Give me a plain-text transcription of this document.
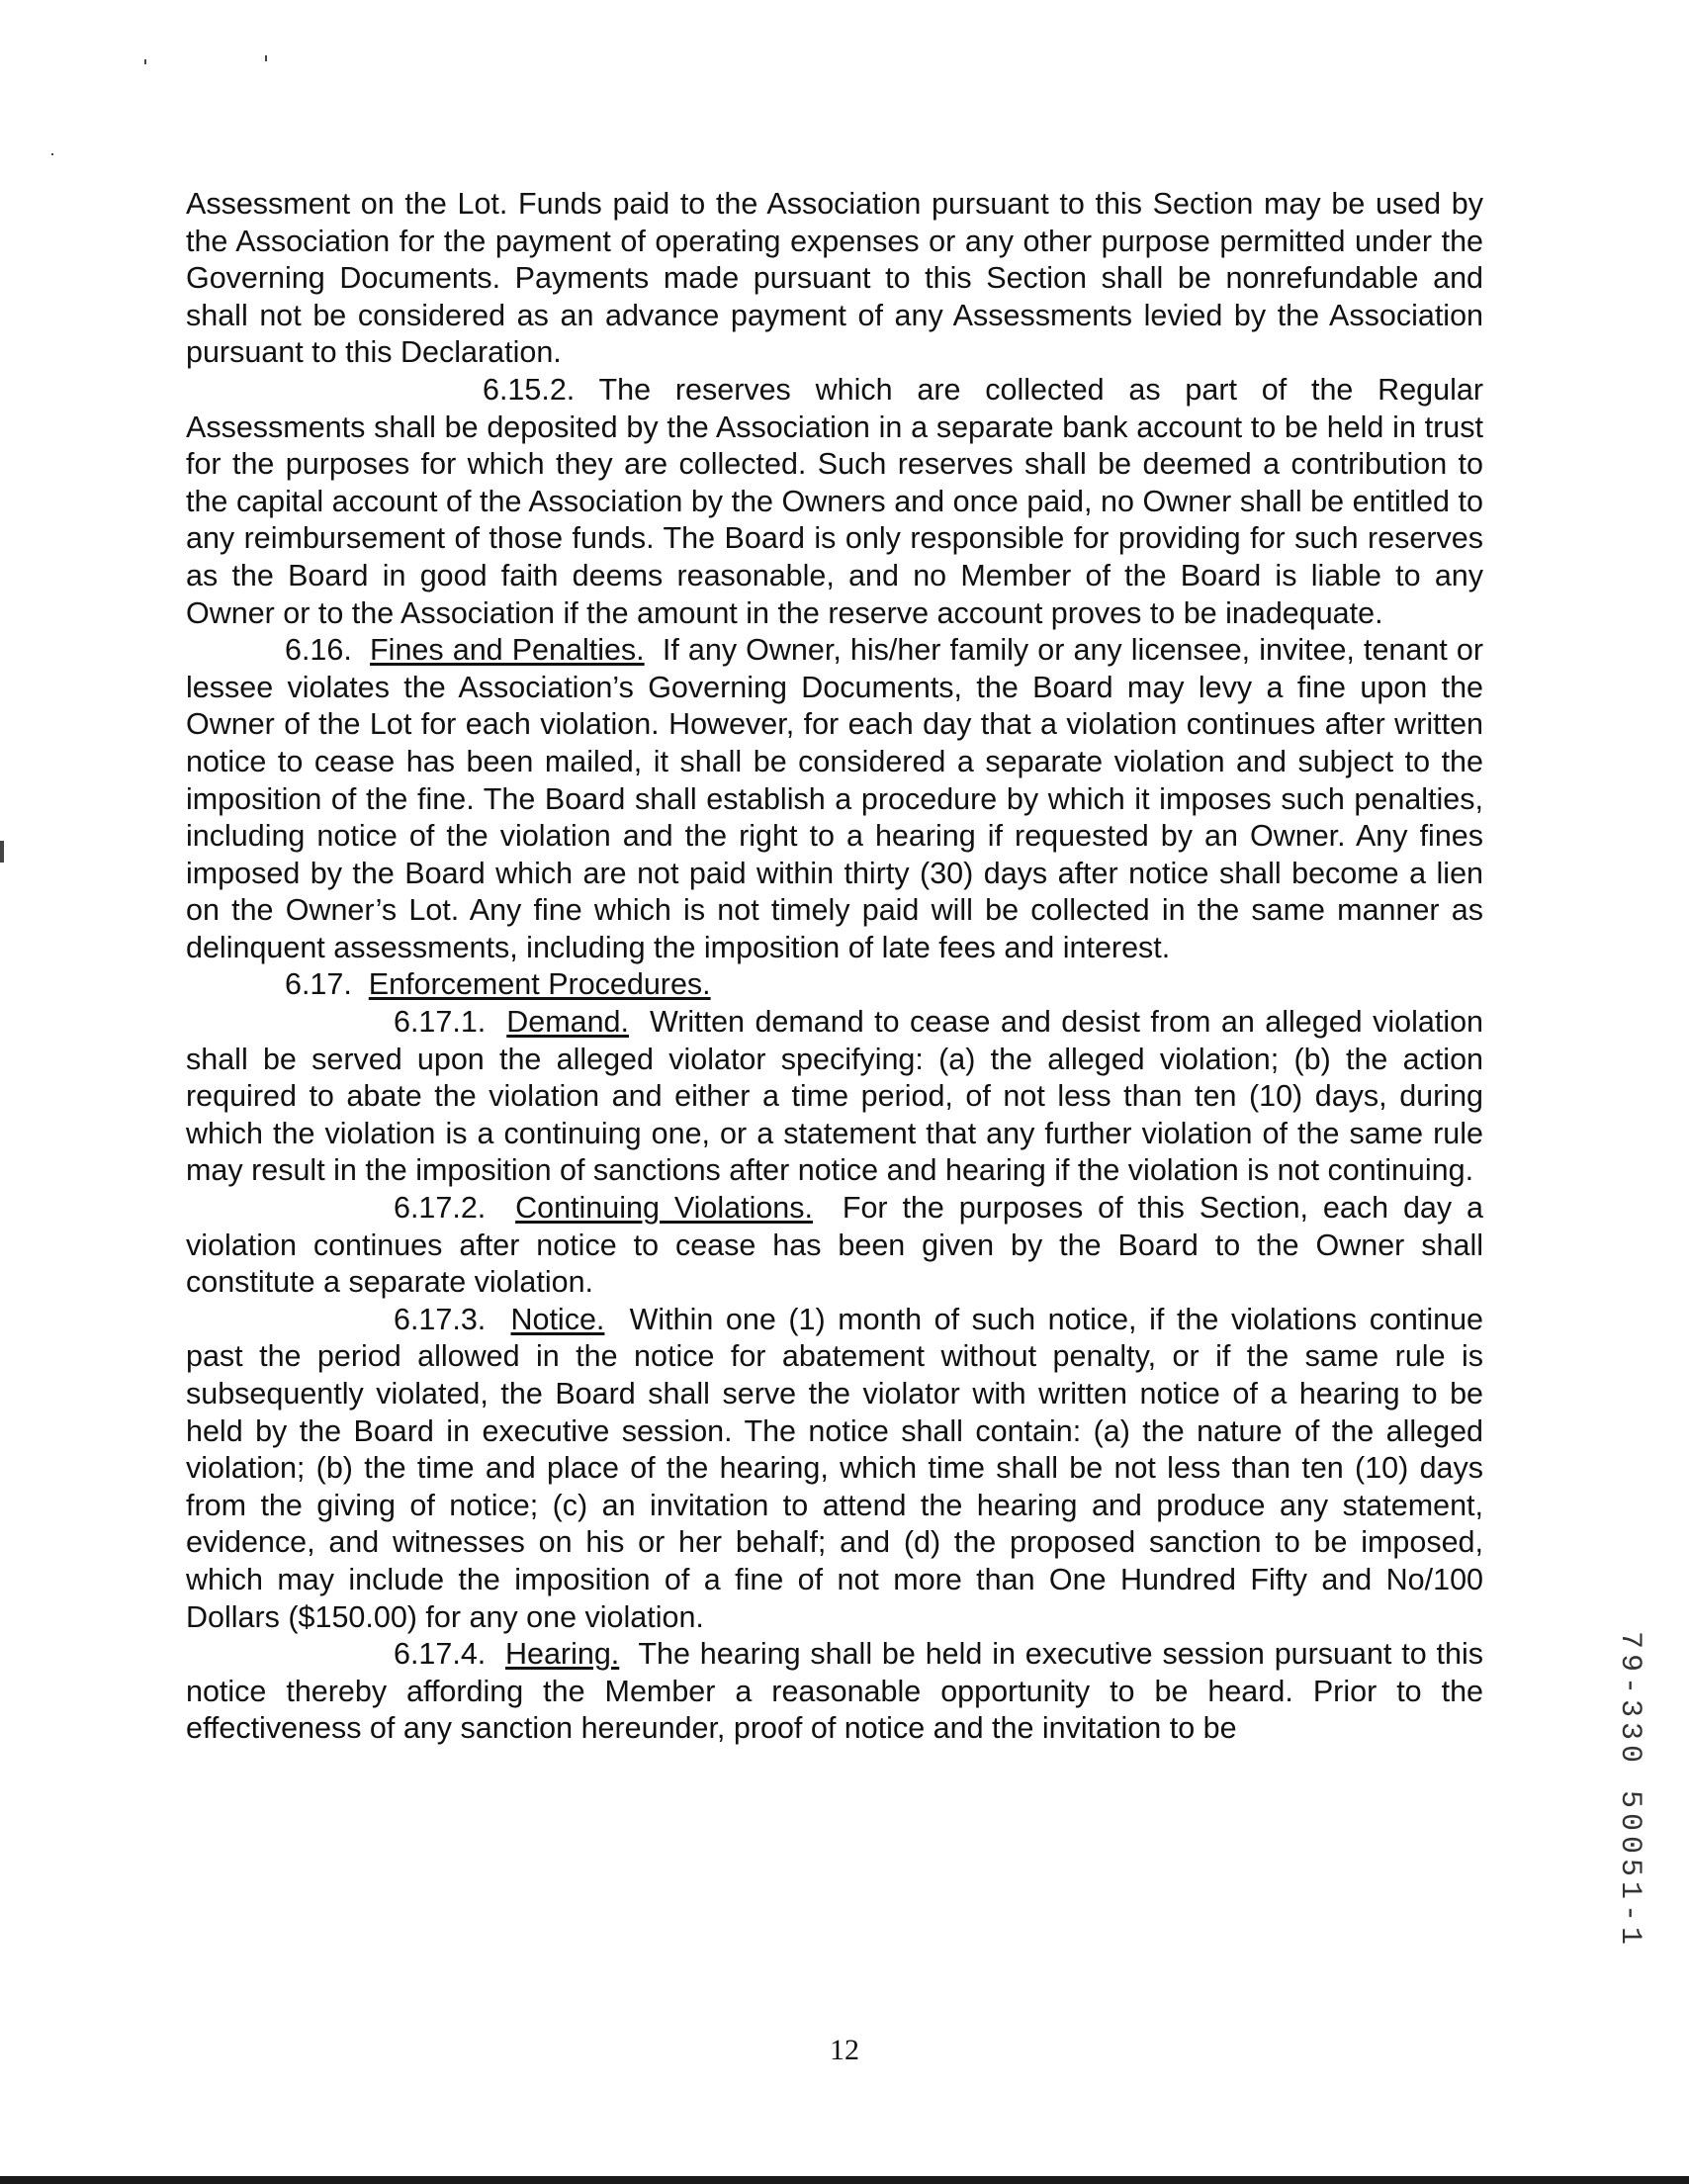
Assessment on the Lot. Funds paid to the Association pursuant to this Section may be used by the Association for the payment of operating expenses or any other purpose permitted under the Governing Documents. Payments made pursuant to this Section shall be nonrefundable and shall not be considered as an advance payment of any Assessments levied by the Association pursuant to this Declaration.

6.15.2. The reserves which are collected as part of the Regular Assessments shall be deposited by the Association in a separate bank account to be held in trust for the purposes for which they are collected. Such reserves shall be deemed a contribution to the capital account of the Association by the Owners and once paid, no Owner shall be entitled to any reimbursement of those funds. The Board is only responsible for providing for such reserves as the Board in good faith deems reasonable, and no Member of the Board is liable to any Owner or to the Association if the amount in the reserve account proves to be inadequate.

6.16. Fines and Penalties. If any Owner, his/her family or any licensee, invitee, tenant or lessee violates the Association’s Governing Documents, the Board may levy a fine upon the Owner of the Lot for each violation. However, for each day that a violation continues after written notice to cease has been mailed, it shall be considered a separate violation and subject to the imposition of the fine. The Board shall establish a procedure by which it imposes such penalties, including notice of the violation and the right to a hearing if requested by an Owner. Any fines imposed by the Board which are not paid within thirty (30) days after notice shall become a lien on the Owner’s Lot. Any fine which is not timely paid will be collected in the same manner as delinquent assessments, including the imposition of late fees and interest.

6.17. Enforcement Procedures.

6.17.1. Demand. Written demand to cease and desist from an alleged violation shall be served upon the alleged violator specifying: (a) the alleged violation; (b) the action required to abate the violation and either a time period, of not less than ten (10) days, during which the violation is a continuing one, or a statement that any further violation of the same rule may result in the imposition of sanctions after notice and hearing if the violation is not continuing.

6.17.2. Continuing Violations. For the purposes of this Section, each day a violation continues after notice to cease has been given by the Board to the Owner shall constitute a separate violation.

6.17.3. Notice. Within one (1) month of such notice, if the violations continue past the period allowed in the notice for abatement without penalty, or if the same rule is subsequently violated, the Board shall serve the violator with written notice of a hearing to be held by the Board in executive session. The notice shall contain: (a) the nature of the alleged violation; (b) the time and place of the hearing, which time shall be not less than ten (10) days from the giving of notice; (c) an invitation to attend the hearing and produce any statement, evidence, and witnesses on his or her behalf; and (d) the proposed sanction to be imposed, which may include the imposition of a fine of not more than One Hundred Fifty and No/100 Dollars ($150.00) for any one violation.

6.17.4. Hearing. The hearing shall be held in executive session pursuant to this notice thereby affording the Member a reasonable opportunity to be heard. Prior to the effectiveness of any sanction hereunder, proof of notice and the invitation to be	79-330 50051-1
12
